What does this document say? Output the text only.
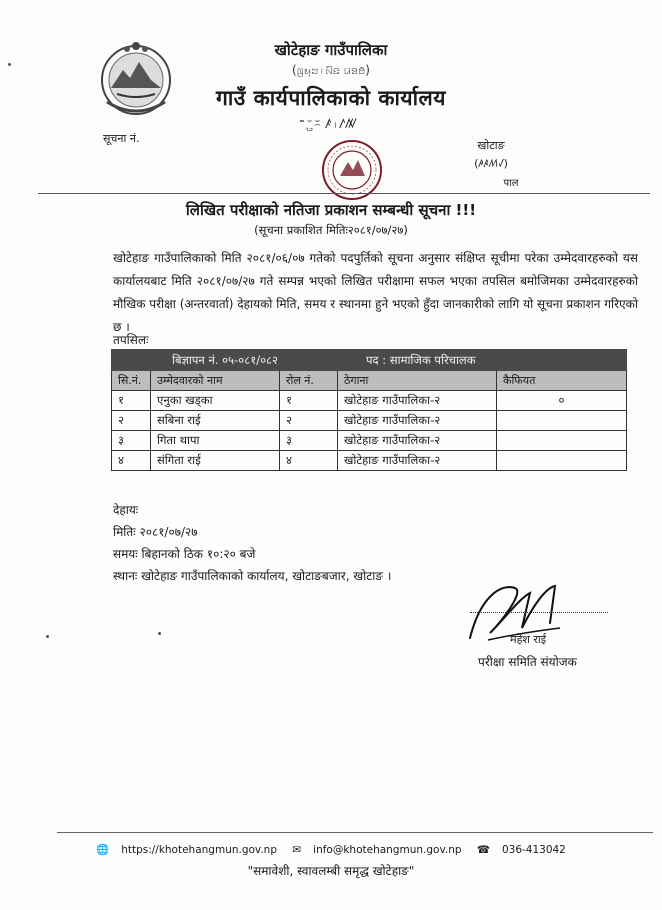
सूचना नं.
खोटेहाङ गाउँपालिका
(ꤜꤟꤠ꤯ꤡꤢ ꤣꤤꤥꤦꤧ)
गाउँ कार्यपालिकाको कार्यालय
ꤨꤩ ꤪ꤫꤬꤭꤮ꤪ ꤰ꤯ꤱꤲ
खोटाङ
(ꤳꤴꤵꤶ)
पाल
लिखित परीक्षाको नतिजा प्रकाशन सम्बन्धी सूचना !!!
(सूचना प्रकाशित मितिः२०८१/०७/२७)
खोटेहाङ गाउँपालिकाको मिति २०८१/०६/०७ गतेको पदपुर्तिको सूचना अनुसार संक्षिप्त सूचीमा परेका उम्मेदवारहरुको यस कार्यालयबाट मिति २०८१/०७/२७ गते सम्पन्न भएको लिखित परीक्षामा सफल भएका तपसिल बमोजिमका उम्मेदवारहरुको मौखिक परीक्षा (अन्तरवार्ता) देहायको मिति, समय र स्थानमा हुने भएको हुँदा जानकारीको लागि यो सूचना प्रकाशन गरिएको छ ।
तपसिलः
बिज्ञापन नं. ०५-०८१/०८२			पद : सामाजिक परिचालक	
सि.नं.	उम्मेदवारको नाम	रोल नं.	ठेगाना	कैफियत
१	एनुका खड्का	१	खोटेहाङ गाउँपालिका-२	०
२	सबिना राई	२	खोटेहाङ गाउँपालिका-२	
३	गिता थापा	३	खोटेहाङ गाउँपालिका-२	
४	संगिता राई	४	खोटेहाङ गाउँपालिका-२	
देहायः
मितिः २०८१/०७/२७
समयः बिहानको ठिक १०:२० बजे
स्थानः खोटेहाङ गाउँपालिकाको कार्यालय, खोटाङबजार, खोटाङ ।
महेश राई
परीक्षा समिति संयोजक
🌐 https://khotehangmun.gov.np ✉ info@khotehangmun.gov.np ☎ 036-413042
"समावेशी, स्वावलम्बी समृद्ध खोटेहाङ"
